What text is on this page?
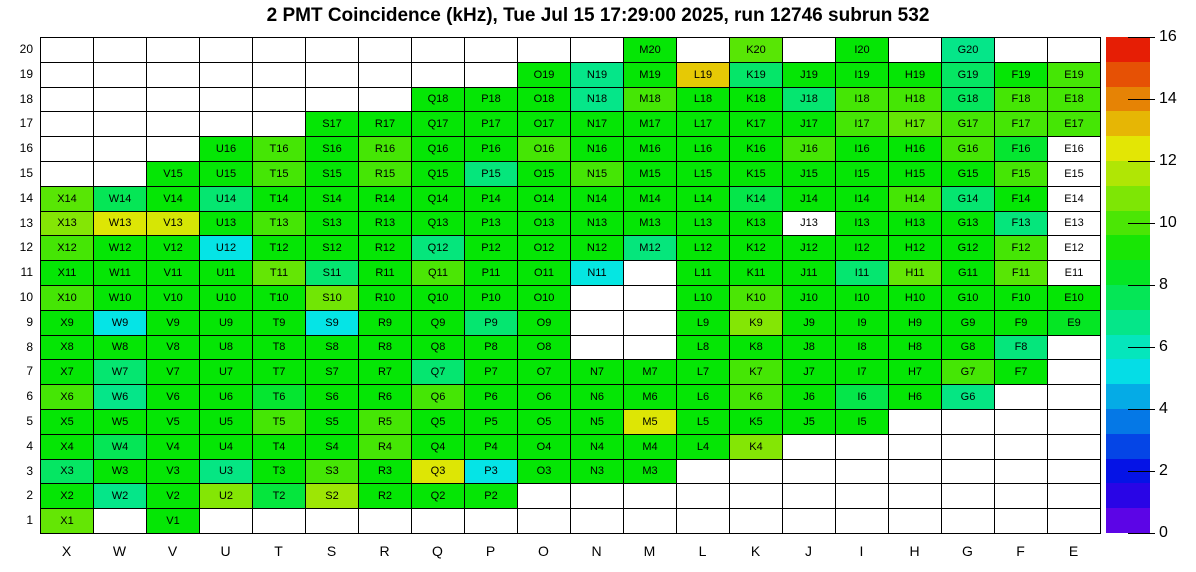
2 PMT Coincidence (kHz), Tue Jul 15 17:29:00 2025, run 12746 subrun 532
M20	K20	I20	G20
O19	N19	M19	L19	K19	J19	I19	H19	G19	F19	E19
Q18	P18	O18	N18	M18	L18	K18	J18	I18	H18	G18	F18	E18
S17	R17	Q17	P17	O17	N17	M17	L17	K17	J17	I17	H17	G17	F17	E17
U16	T16	S16	R16	Q16	P16	O16	N16	M16	L16	K16	J16	I16	H16	G16	F16	E16
V15	U15	T15	S15	R15	Q15	P15	O15	N15	M15	L15	K15	J15	I15	H15	G15	F15	E15
X14	W14	V14	U14	T14	S14	R14	Q14	P14	O14	N14	M14	L14	K14	J14	I14	H14	G14	F14	E14
X13	W13	V13	U13	T13	S13	R13	Q13	P13	O13	N13	M13	L13	K13	J13	I13	H13	G13	F13	E13
X12	W12	V12	U12	T12	S12	R12	Q12	P12	O12	N12	M12	L12	K12	J12	I12	H12	G12	F12	E12
X11	W11	V11	U11	T11	S11	R11	Q11	P11	O11	N11	L11	K11	J11	I11	H11	G11	F11	E11
X10	W10	V10	U10	T10	S10	R10	Q10	P10	O10	L10	K10	J10	I10	H10	G10	F10	E10
X9	W9	V9	U9	T9	S9	R9	Q9	P9	O9	L9	K9	J9	I9	H9	G9	F9	E9
X8	W8	V8	U8	T8	S8	R8	Q8	P8	O8	L8	K8	J8	I8	H8	G8	F8
X7	W7	V7	U7	T7	S7	R7	Q7	P7	O7	N7	M7	L7	K7	J7	I7	H7	G7	F7
X6	W6	V6	U6	T6	S6	R6	Q6	P6	O6	N6	M6	L6	K6	J6	I6	H6	G6
X5	W5	V5	U5	T5	S5	R5	Q5	P5	O5	N5	M5	L5	K5	J5	I5
X4	W4	V4	U4	T4	S4	R4	Q4	P4	O4	N4	M4	L4	K4
X3	W3	V3	U3	T3	S3	R3	Q3	P3	O3	N3	M3
X2	W2	V2	U2	T2	S2	R2	Q2	P2
X1	V1
20
19
18
17
16
15
14
13
12
11
10
9
8
7
6
5
4
3
2
1
X	W	V	U	T	S	R	Q	P	O	N	M	L	K	J	I	H	G	F	E
0
2
4
6
8
10
12
14
16
